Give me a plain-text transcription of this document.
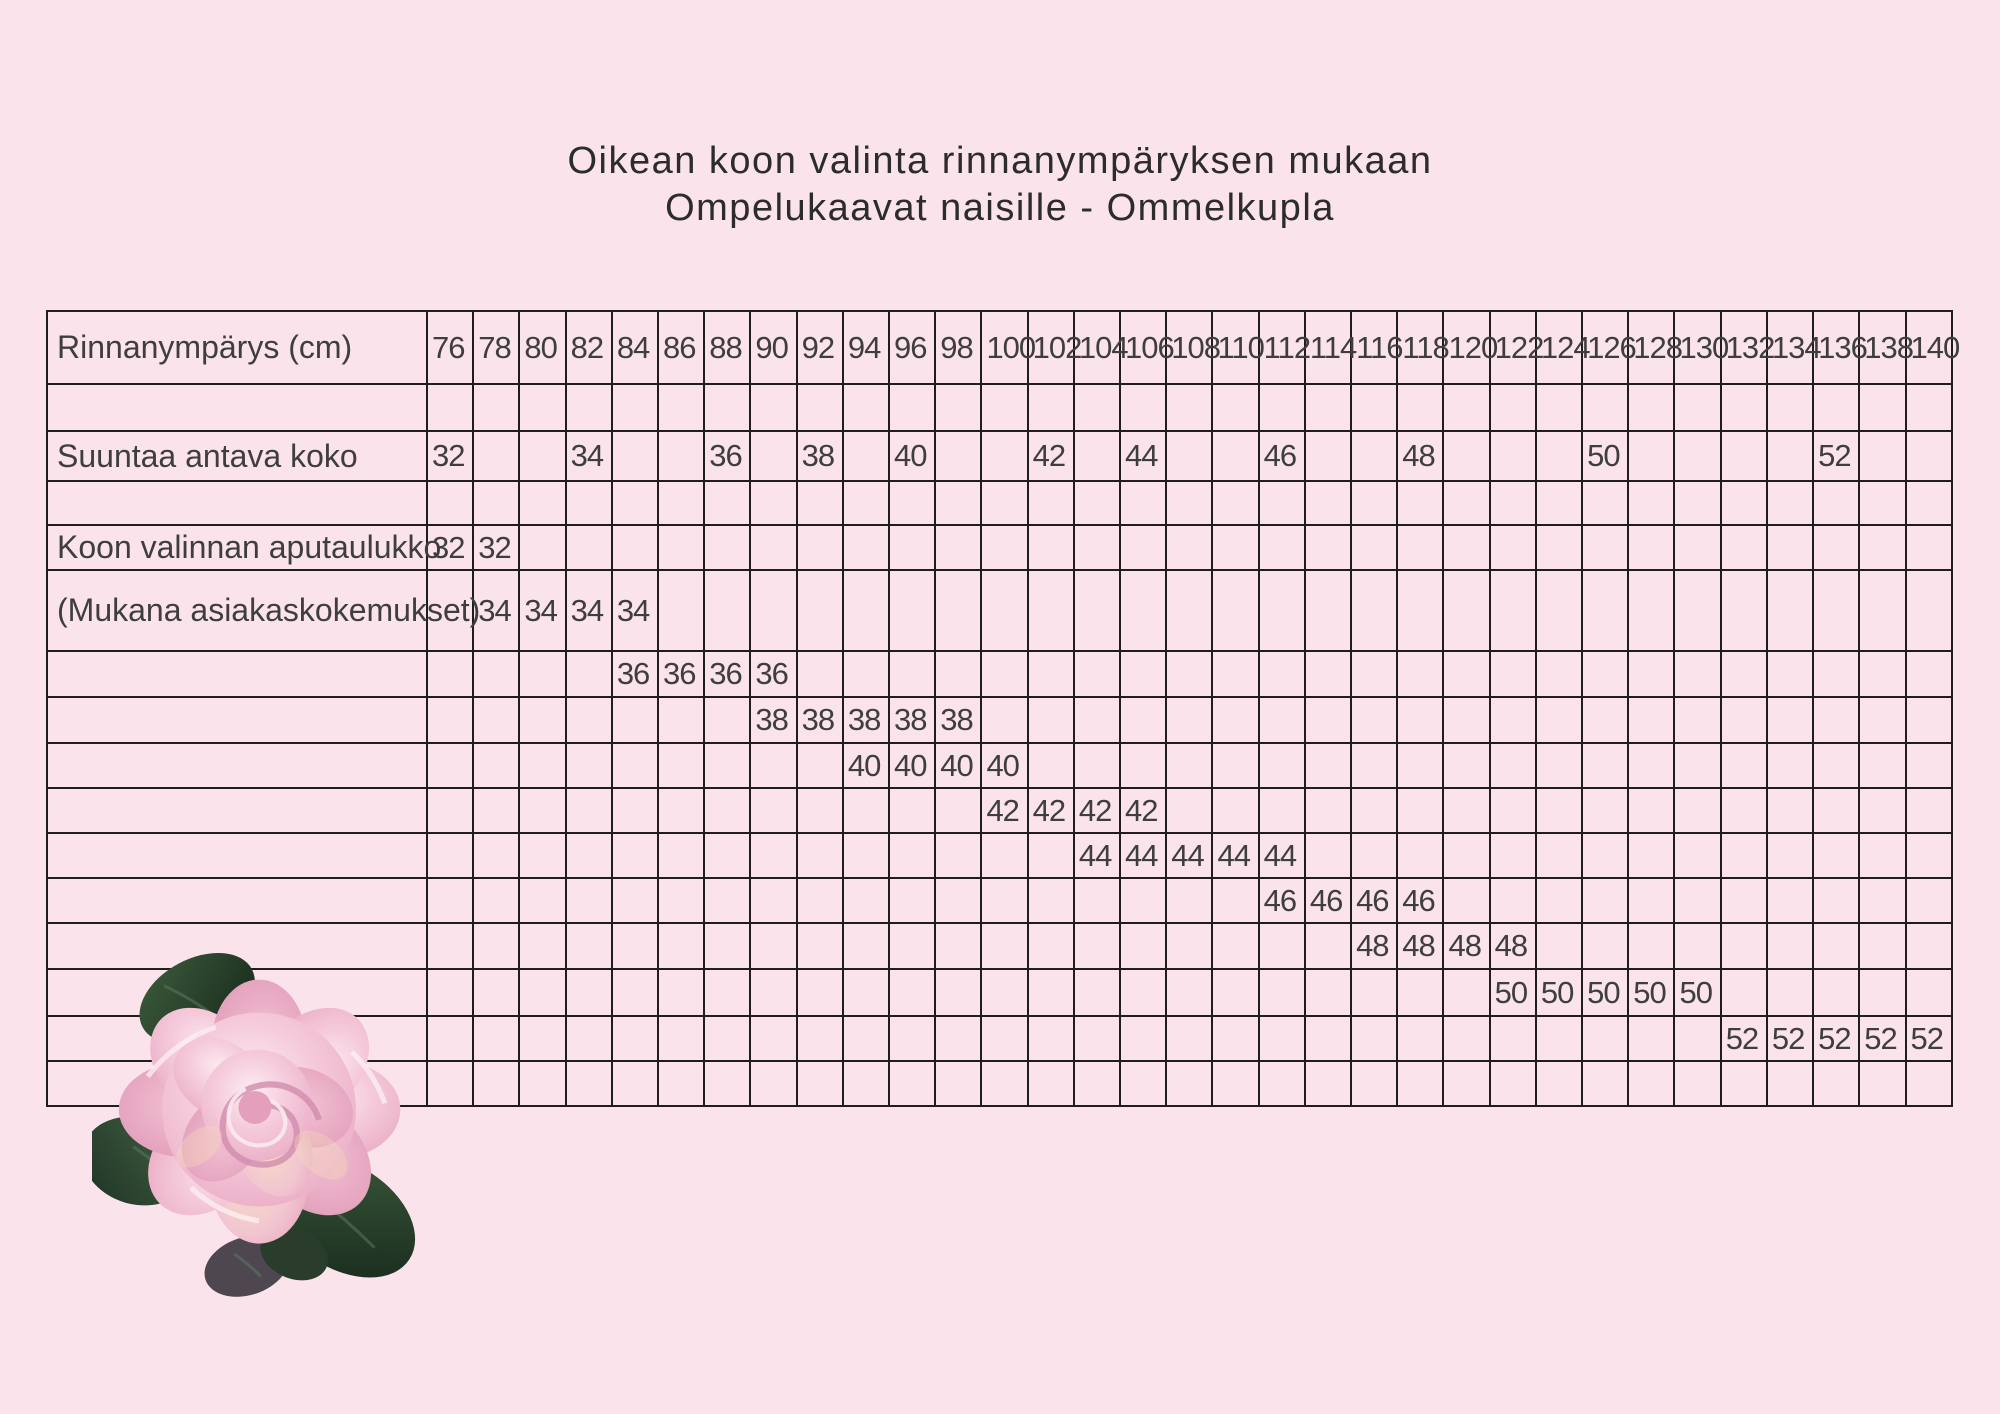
Oikean koon valinta rinnanympäryksen mukaan

Ompelukaavat naisille - Ommelkupla

Rinnanympärys (cm)	76	78	80	82	84	86	88	90	92	94	96	98	100	102	104	106	108	110	112	114	116	118	120	122	124	126	128	130	132	134	136	138	140

Suuntaa antava koko	32			34			36		38		40			42		44			46			48				50					52		

Koon valinnan aputaulukko	32	32																															
(Mukana asiakaskokemukset)		34	34	34	34																												
					36	36	36	36																									
								38	38	38	38	38																					
										40	40	40	40																				
													42	42	42	42																	
															44	44	44	44	44														
																			46	46	46	46											
																					48	48	48	48									
																								50	50	50	50	50					
																													52	52	52	52	52
